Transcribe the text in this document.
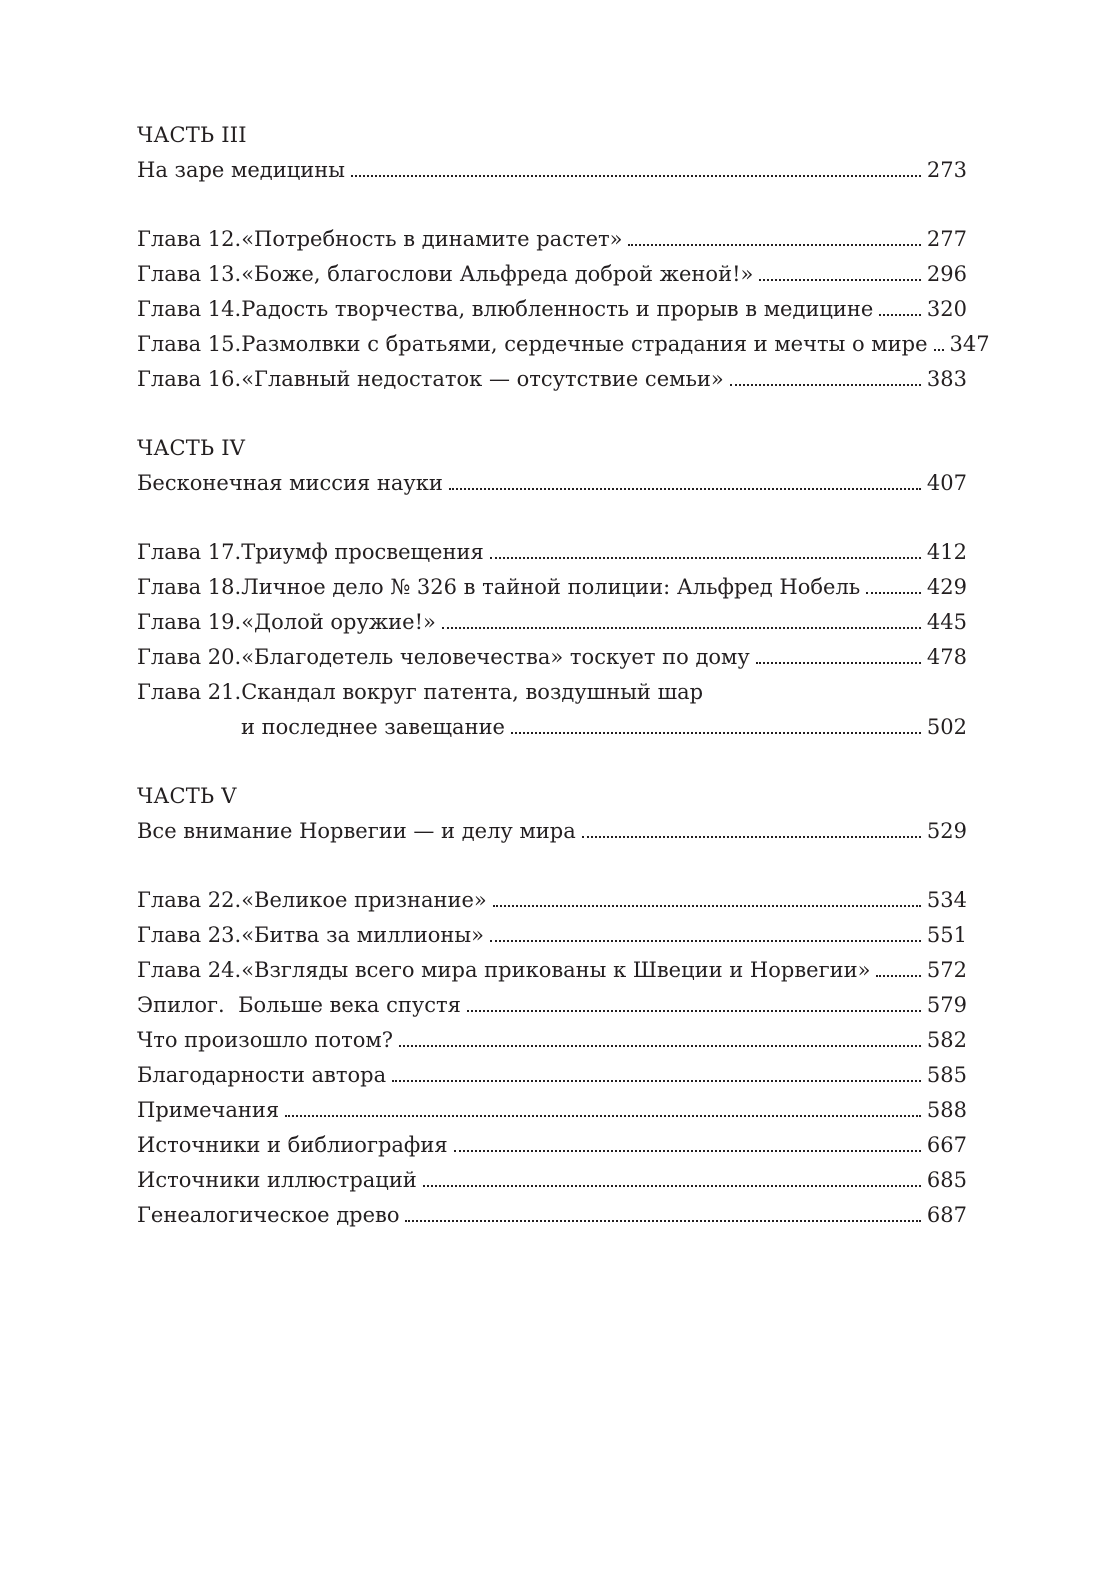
ЧАСТЬ III
На заре медицины	273
Глава 12. «Потребность в динамите растет»	277
Глава 13. «Боже, благослови Альфреда доброй женой!»	296
Глава 14. Радость творчества, влюбленность и прорыв в медицине	320
Глава 15. Размолвки с братьями, сердечные страдания и мечты о мире 347
Глава 16. «Главный недостаток — отсутствие семьи»	383
ЧАСТЬ IV
Бесконечная миссия науки	407
Глава 17. Триумф просвещения	412
Глава 18. Личное дело № 326 в тайной полиции: Альфред Нобель	429
Глава 19. «Долой оружие!»	445
Глава 20. «Благодетель человечества» тоскует по дому	478
Глава 21. Скандал вокруг патента, воздушный шар
и последнее завещание	502
ЧАСТЬ V
Все внимание Норвегии — и делу мира	529
Глава 22. «Великое признание»	534
Глава 23. «Битва за миллионы»	551
Глава 24. «Взгляды всего мира прикованы к Швеции и Норвегии»	572
Эпилог.  Больше века спустя	579
Что произошло потом?	582
Благодарности автора	585
Примечания	588
Источники и библиография	667
Источники иллюстраций	685
Генеалогическое древо	687
